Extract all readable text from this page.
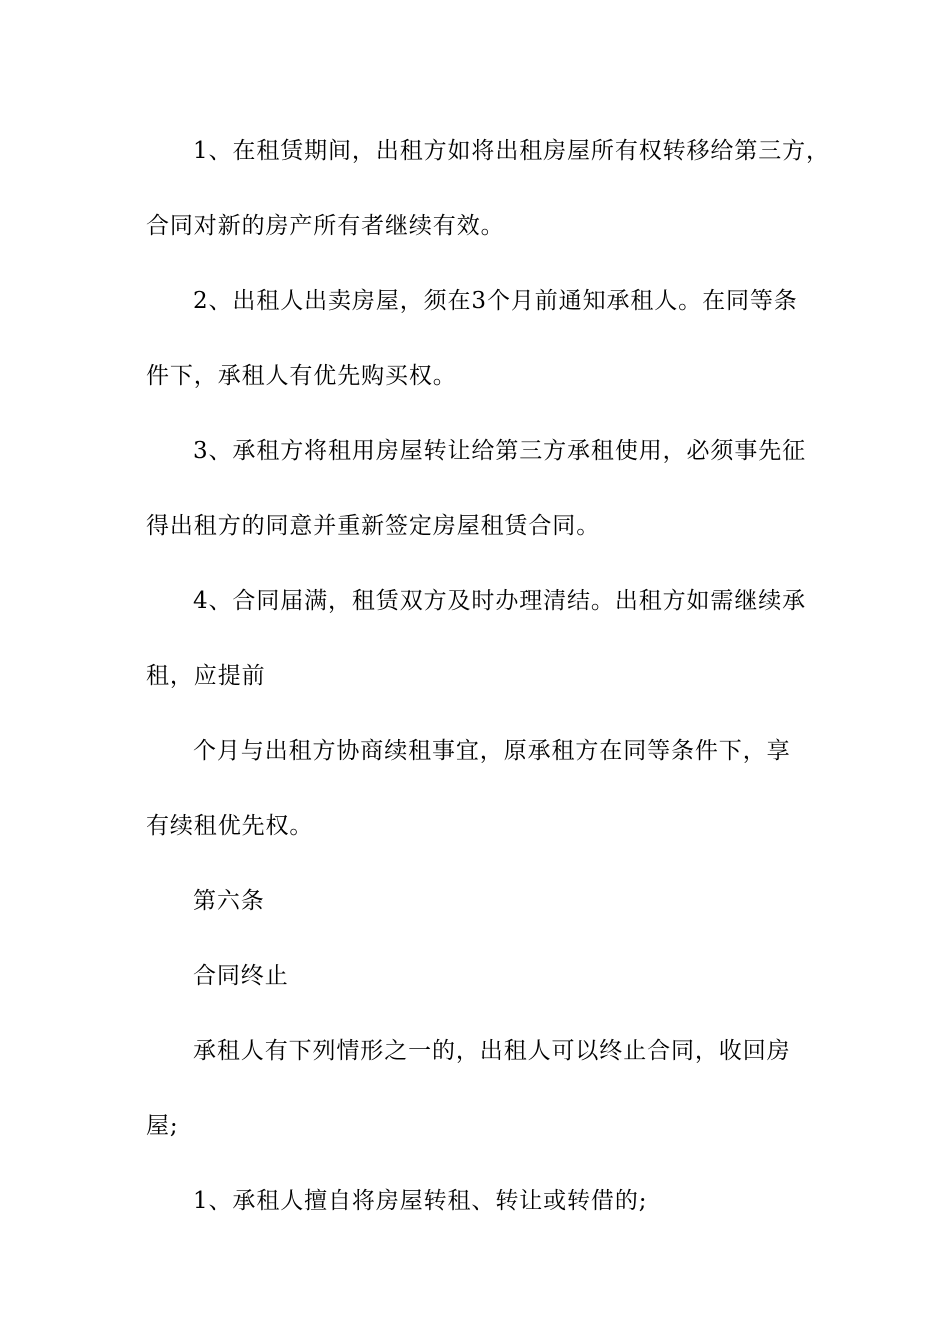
1、在租赁期间，出租方如将出租房屋所有权转移给第三方，
合同对新的房产所有者继续有效。
2、出租人出卖房屋，须在3个月前通知承租人。在同等条
件下，承租人有优先购买权。
3、承租方将租用房屋转让给第三方承租使用，必须事先征
得出租方的同意并重新签定房屋租赁合同。
4、合同届满，租赁双方及时办理清结。出租方如需继续承
租，应提前
个月与出租方协商续租事宜，原承租方在同等条件下，享
有续租优先权。
第六条
合同终止
承租人有下列情形之一的，出租人可以终止合同，收回房
屋;
1、承租人擅自将房屋转租、转让或转借的;
